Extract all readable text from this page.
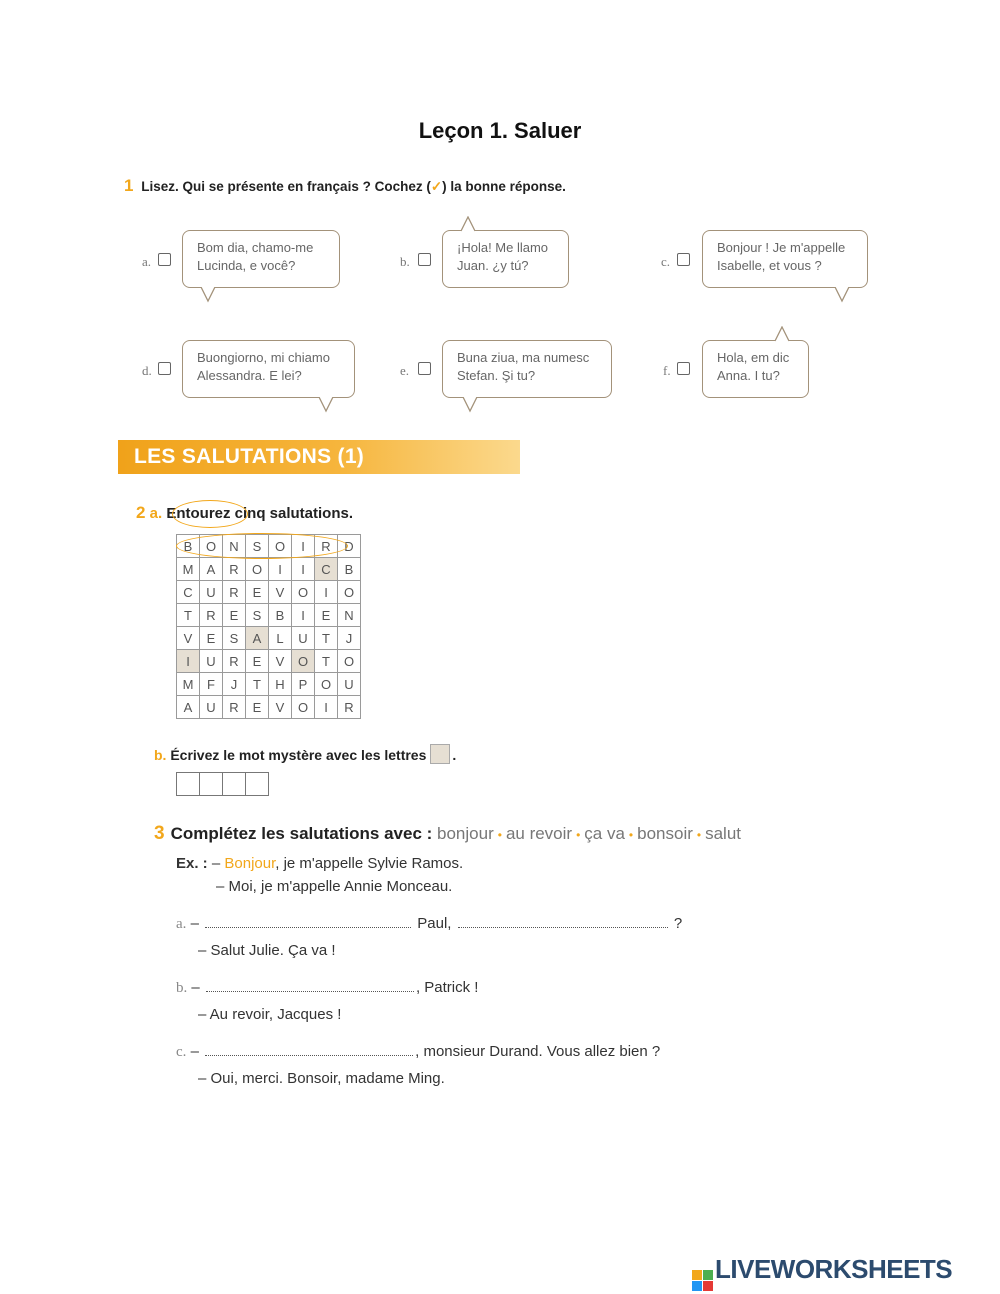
Leçon 1. Saluer
1 Lisez. Qui se présente en français ? Cochez (✓) la bonne réponse.
a.
Bom dia, chamo-me
Lucinda, e você?	b.
¡Hola! Me llamo
Juan. ¿y tú?	c.
Bonjour ! Je m'appelle
Isabelle, et vous ?
d.
Buongiorno, mi chiamo
Alessandra. E lei?	e.
Buna ziua, ma numesc
Stefan. Şi tu?	f.
Hola, em dic
Anna. I tu?
LES SALUTATIONS (1)
2 a. Entourez cinq salutations.
B	O	N	S	O	I	R	D
M	A	R	O	I	I	C	B
C	U	R	E	V	O	I	O
T	R	E	S	B	I	E	N
V	E	S	A	L	U	T	J
I	U	R	E	V	O	T	O
M	F	J	T	H	P	O	U
A	U	R	E	V	O	I	R
b. Écrivez le mot mystère avec les lettres .
3 Complétez les salutations avec : bonjour • au revoir • ça va • bonsoir • salut
Ex. : – Bonjour, je m'appelle Sylvie Ramos.
– Moi, je m'appelle Annie Monceau.
a. –	Paul,	?
– Salut Julie. Ça va !
b. –	, Patrick !
– Au revoir, Jacques !
c. –	, monsieur Durand. Vous allez bien ?
– Oui, merci. Bonsoir, madame Ming.
LIVEWORKSHEETS
